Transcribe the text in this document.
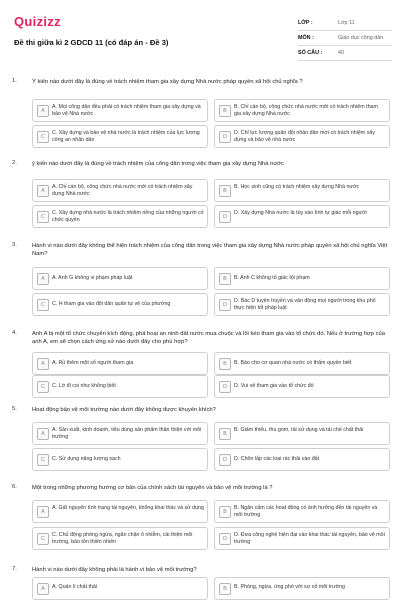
Quizizz
Đề thi giữa kì 2 GDCD 11 (có đáp án - Đề 3)
LỚP :	Lớp 11
MÔN :	Giáo dục công dân
SỐ CÂU :	40
1.	Ý kiến nào dưới đây là đúng về trách nhiệm tham gia xây dựng Nhà nước pháp quyền xã hội chủ nghĩa ?
A
A. Mọi công dân đều phải có trách nhiệm tham gia xây dựng và bảo vệ Nhà nước	B
B. Chỉ cán bộ, công chức nhà nước mới có trách nhiệm tham gia xây dựng Nhà nước
C
C. Xây dựng và bảo vệ nhà nước là trách nhiệm của lực lượng công an nhân dân	D
D. Chỉ lực lượng quân đội nhân dân mới có trách nhiệm xây dựng và bảo vệ nhà nước
2.	ý kiến nào dưới đây là đúng về trách nhiệm của công dân trong việc tham gia xây dựng Nhà nước
A
A. Chỉ cán bộ, công chức nhà nước mới có trách nhiệm xây dựng Nhà nước	B
B. Học sinh cũng có trách nhiệm xây dựng Nhà nước
C
C. Xây dựng nhà nước là trách nhiệm riêng của những người có chức quyền	D
D. Xây dựng Nhà nước là tùy vào tình tự giác mỗi người
3.	Hành vi nào dưới đây không thể hiện trách nhiệm của công dân trong việc tham gia xây dựng Nhà nước pháp quyền xã hội chủ nghĩa Việt Nam?
A	A. Anh G không vi phạm pháp luật	B	B. Anh C không tố giác tội phạm
C	C. H tham gia vào đội dân quân tự vệ của phường	D
D. Bác D tuyên truyền và vận động mọi người trong khu phố thực hiện tốt pháp luật
4.	Anh A bị một tổ chức chuyên kích động, phá hoại an ninh đất nước mua chuộc và lôi kéo tham gia vào tổ chức đó. Nếu ở trường hợp của anh A, em sẽ chọn cách ứng xử nào dưới đây cho phù hợp?
A	A. Rủ thêm một số người tham gia	B	B. Báo cho cơ quan nhà nước có thẩm quyền biết
C	C. Lờ đi coi như không biết	D	D. Vui vẻ tham gia vào tổ chức đó
5.	Hoạt động bảo vệ môi trường nào dưới đây không được khuyến khích?
A
A. Sản xuất, kinh doanh, tiêu dùng sản phẩm thân thiện với môi trường	B
B. Giảm thiểu, thu gom, tái sử dụng và tái chế chất thải
C	C. Sử dụng năng lượng sạch	D	D. Chôn lấp các loại rác thải vào đất
6.	Một trong những phương hướng cơ bản của chính sách tài nguyên và bảo vệ môi trường là ?
A
A. Giữ nguyên tình trạng tài nguyên, không khai thác và sử dụng
B
B. Ngăn cấm các hoạt động có ảnh hưởng đến tài nguyên và môi trường
C
C. Chủ động phòng ngừa, ngăn chặn ô nhiễm, cải thiện môi trường, bảo tồn thiên nhiên	D
D. Đưa công nghệ hiện đại vào khai thác tài nguyên, bảo vệ môi trường
7.	Hành vi nào dưới đây không phải là hành vi bảo vệ môi trường?
A	A. Quản lí chất thải	B	B. Phòng, ngừa, ứng phó với sự cố môi trường
